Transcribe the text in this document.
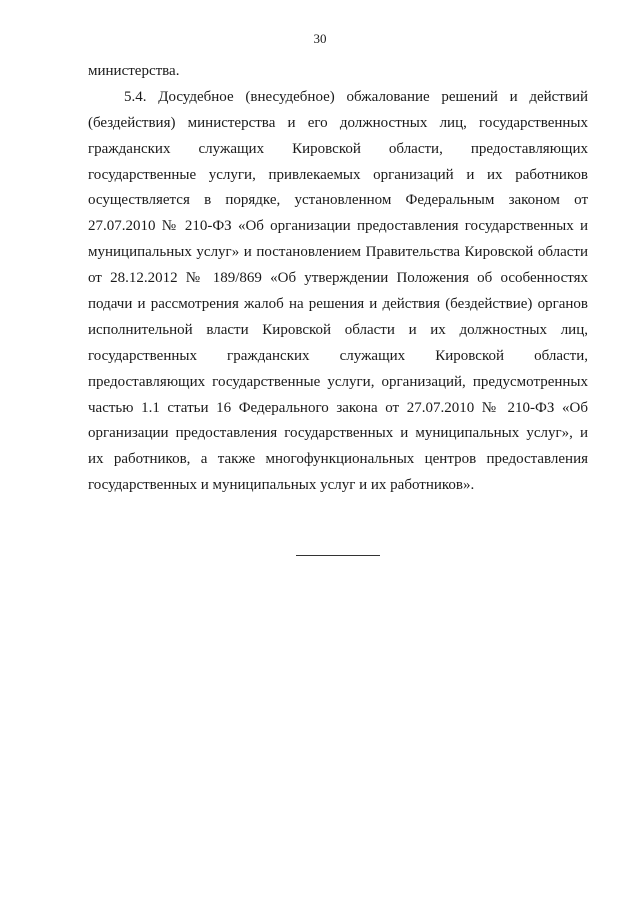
30
министерства.
5.4. Досудебное (внесудебное) обжалование решений и действий
(бездействия) министерства и его должностных лиц, государственных
гражданских служащих Кировской области, предоставляющих
государственные услуги, привлекаемых организаций и их работников
осуществляется в порядке, установленном Федеральным законом от
27.07.2010 № 210-ФЗ «Об организации предоставления государственных и
муниципальных услуг» и постановлением Правительства Кировской области
от 28.12.2012 № 189/869 «Об утверждении Положения об особенностях
подачи и рассмотрения жалоб на решения и действия (бездействие) органов
исполнительной власти Кировской области и их должностных лиц,
государственных гражданских служащих Кировской области,
предоставляющих государственные услуги, организаций, предусмотренных
частью 1.1 статьи 16 Федерального закона от 27.07.2010 № 210-ФЗ «Об
организации предоставления государственных и муниципальных услуг», и
их работников, а также многофункциональных центров предоставления
государственных и муниципальных услуг и их работников».
